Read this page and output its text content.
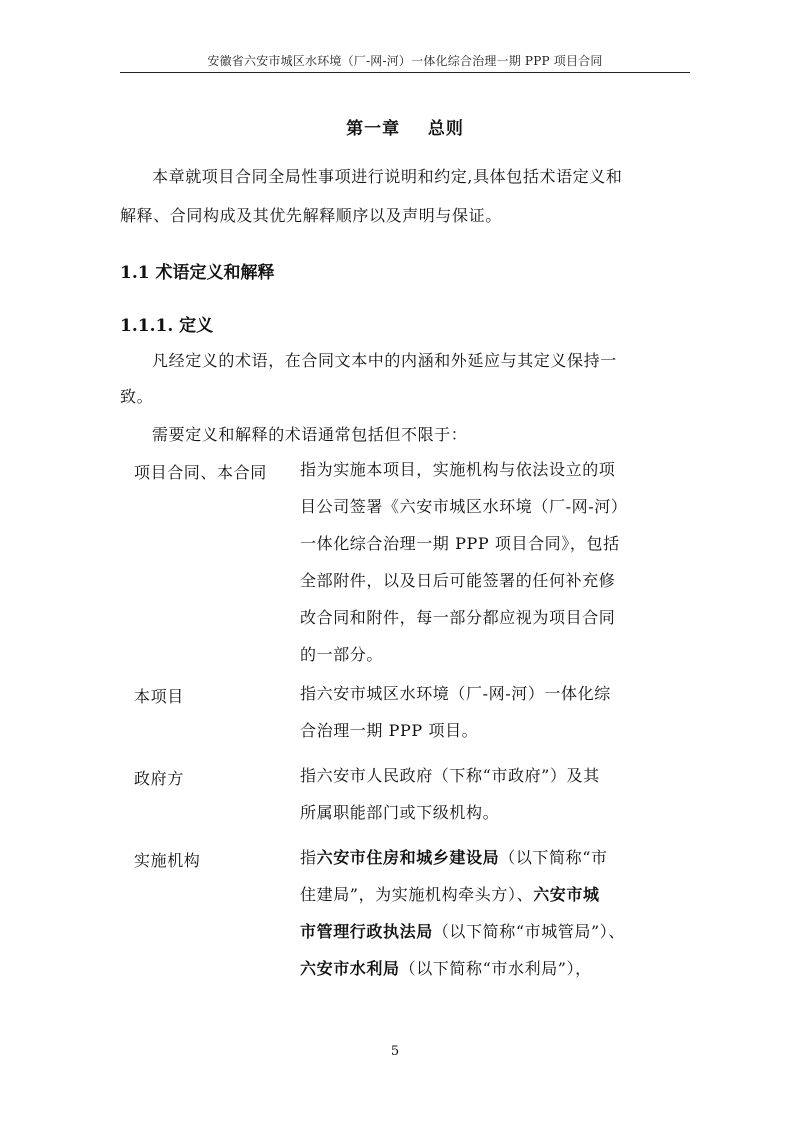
安徽省六安市城区水环境（厂-网-河）一体化综合治理一期 PPP 项目合同
第一章    总则
本章就项目合同全局性事项进行说明和约定,具体包括术语定义和
解释、合同构成及其优先解释顺序以及声明与保证。
1.1 术语定义和解释
1.1.1. 定义
凡经定义的术语，在合同文本中的内涵和外延应与其定义保持一
致。
需要定义和解释的术语通常包括但不限于：
项目合同、本合同 指为实施本项目，实施机构与依法设立的项
目公司签署《六安市城区水环境（厂-网-河）
一体化综合治理一期 PPP 项目合同》，包括
全部附件，以及日后可能签署的任何补充修
改合同和附件，每一部分都应视为项目合同
的一部分。
本项目	指六安市城区水环境（厂-网-河）一体化综
合治理一期 PPP 项目。
政府方	指六安市人民政府（下称“市政府”）及其
所属职能部门或下级机构。
实施机构	指六安市住房和城乡建设局（以下简称“市
住建局”，为实施机构牵头方）、六安市城
市管理行政执法局（以下简称“市城管局”）、
六安市水利局（以下简称“市水利局”），
5
